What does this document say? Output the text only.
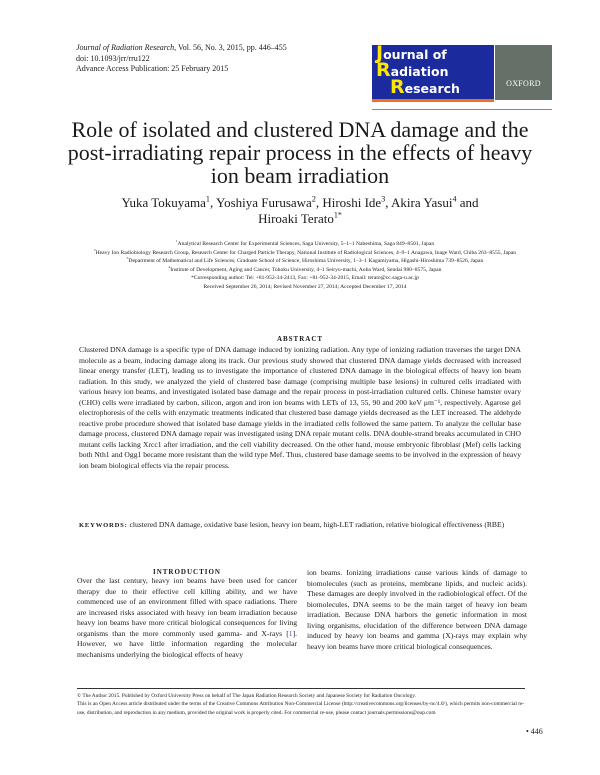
Journal of Radiation Research, Vol. 56, No. 3, 2015, pp. 446–455
doi: 10.1093/jrr/rru122
Advance Access Publication: 25 February 2015
Journal of
Radiation
Research	OXFORD
Role of isolated and clustered DNA damage and the post-irradiating repair process in the effects of heavy ion beam irradiation
Yuka Tokuyama$^1$, Yoshiya Furusawa$^2$, Hiroshi Ide$^3$, Akira Yasui$^4$ and
Hiroaki Terato$^{1*}$
$^1$Analytical Research Center for Experimental Sciences, Saga University, 5–1–1 Nabeshima, Saga 849–8501, Japan
$^2$Heavy Ion Radiobiology Research Group, Research Center for Charged Particle Therapy, National Institute of Radiological Sciences, 4–9–1 Anagawa, Inage Ward, Chiba 263–8555, Japan
$^3$Department of Mathematical and Life Sciences, Graduate School of Science, Hiroshima University, 1–3–1 Kagamiyama, Higashi-Hiroshima 739–8526, Japan
$^4$Institute of Development, Aging and Cancer, Tohoku University, 4–1 Seiryo-machi, Aoba Ward, Sendai 980–8575, Japan
*Corresponding author: Tel: +81-952-34-2413, Fax: +81-952-34-2015, Email: terato@cc.saga-u.ac.jp
Received September 26, 2014; Revised November 27, 2014; Accepted December 17, 2014
ABSTRACT
Clustered DNA damage is a specific type of DNA damage induced by ionizing radiation. Any type of ionizing radiation traverses the target DNA molecule as a beam, inducing damage along its track. Our previous study showed that clustered DNA damage yields decreased with increased linear energy transfer (LET), leading us to investigate the importance of clustered DNA damage in the biological effects of heavy ion beam radiation. In this study, we analyzed the yield of clustered base damage (comprising multiple base lesions) in cultured cells irradiated with various heavy ion beams, and investigated isolated base damage and the repair process in post-irradiation cultured cells. Chinese hamster ovary (CHO) cells were irradiated by carbon, silicon, argon and iron ion beams with LETs of 13, 55, 90 and 200 keV μm⁻¹, respectively. Agarose gel electrophoresis of the cells with enzymatic treatments indicated that clustered base damage yields decreased as the LET increased. The aldehyde reactive probe procedure showed that isolated base damage yields in the irradiated cells followed the same pattern. To analyze the cellular base damage process, clustered DNA damage repair was investigated using DNA repair mutant cells. DNA double-strand breaks accumulated in CHO mutant cells lacking Xrcc1 after irradiation, and the cell viability decreased. On the other hand, mouse embryonic fibroblast (Mef) cells lacking both Nth1 and Ogg1 became more resistant than the wild type Mef. Thus, clustered base damage seems to be involved in the expression of heavy ion beam biological effects via the repair process.
KEYWORDS: clustered DNA damage, oxidative base lesion, heavy ion beam, high-LET radiation, relative biological effectiveness (RBE)
INTRODUCTION
Over the last century, heavy ion beams have been used for cancer therapy due to their effective cell killing ability, and we have commenced use of an environment filled with space radiations. There are increased risks associated with heavy ion beam irradiation because heavy ion beams have more critical biological consequences for living organisms than the more commonly used gamma- and X-rays [1]. However, we have little information regarding the molecular mechanisms underlying the biological effects of heavy
ion beams. Ionizing irradiations cause various kinds of damage to biomolecules (such as proteins, membrane lipids, and nucleic acids). These damages are deeply involved in the radiobiological effect. Of the biomolecules, DNA seems to be the main target of heavy ion beam irradiation. Because DNA harbors the genetic information in most living organisms, elucidation of the difference between DNA damage induced by heavy ion beams and gamma (X)-rays may explain why heavy ion beams have more critical biological consequences.
© The Author 2015. Published by Oxford University Press on behalf of The Japan Radiation Research Society and Japanese Society for Radiation Oncology.
This is an Open Access article distributed under the terms of the Creative Commons Attribution Non-Commercial License (http://creativecommons.org/licenses/by-nc/4.0/), which permits non-commercial re-use, distribution, and reproduction in any medium, provided the original work is properly cited. For commercial re-use, please contact journals.permissions@oup.com
• 446
